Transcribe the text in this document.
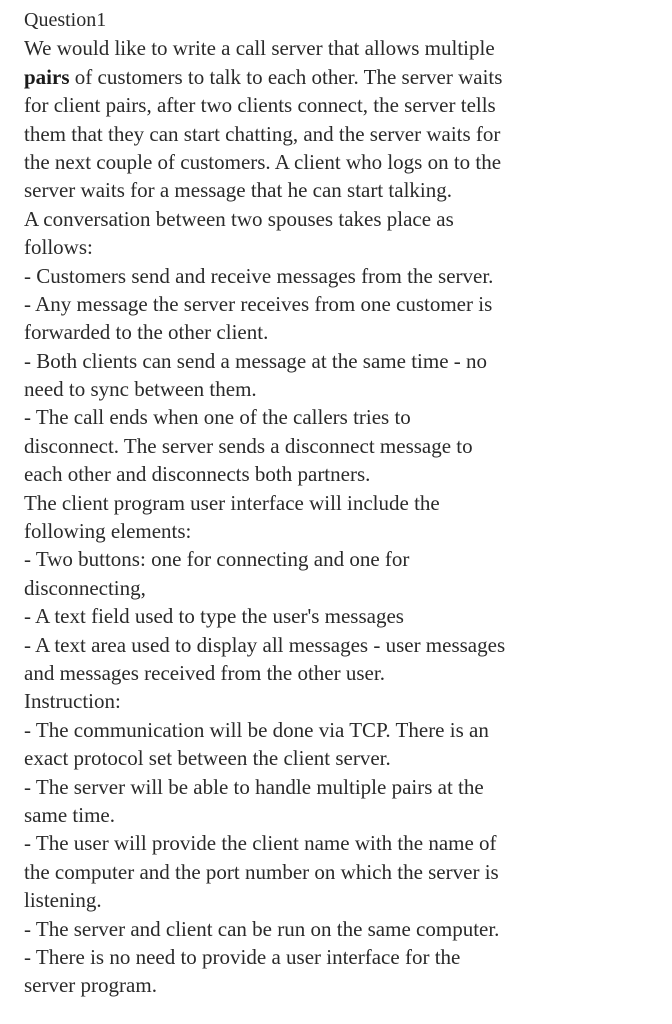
Question1
We would like to write a call server that allows multiple
pairs of customers to talk to each other. The server waits
for client pairs, after two clients connect, the server tells
them that they can start chatting, and the server waits for
the next couple of customers. A client who logs on to the
server waits for a message that he can start talking.
A conversation between two spouses takes place as
follows:
- Customers send and receive messages from the server.
- Any message the server receives from one customer is
forwarded to the other client.
- Both clients can send a message at the same time - no
need to sync between them.
- The call ends when one of the callers tries to
disconnect. The server sends a disconnect message to
each other and disconnects both partners.
The client program user interface will include the
following elements:
- Two buttons: one for connecting and one for
disconnecting,
- A text field used to type the user's messages
- A text area used to display all messages - user messages
and messages received from the other user.
Instruction:
- The communication will be done via TCP. There is an
exact protocol set between the client server.
- The server will be able to handle multiple pairs at the
same time.
- The user will provide the client name with the name of
the computer and the port number on which the server is
listening.
- The server and client can be run on the same computer.
- There is no need to provide a user interface for the
server program.
